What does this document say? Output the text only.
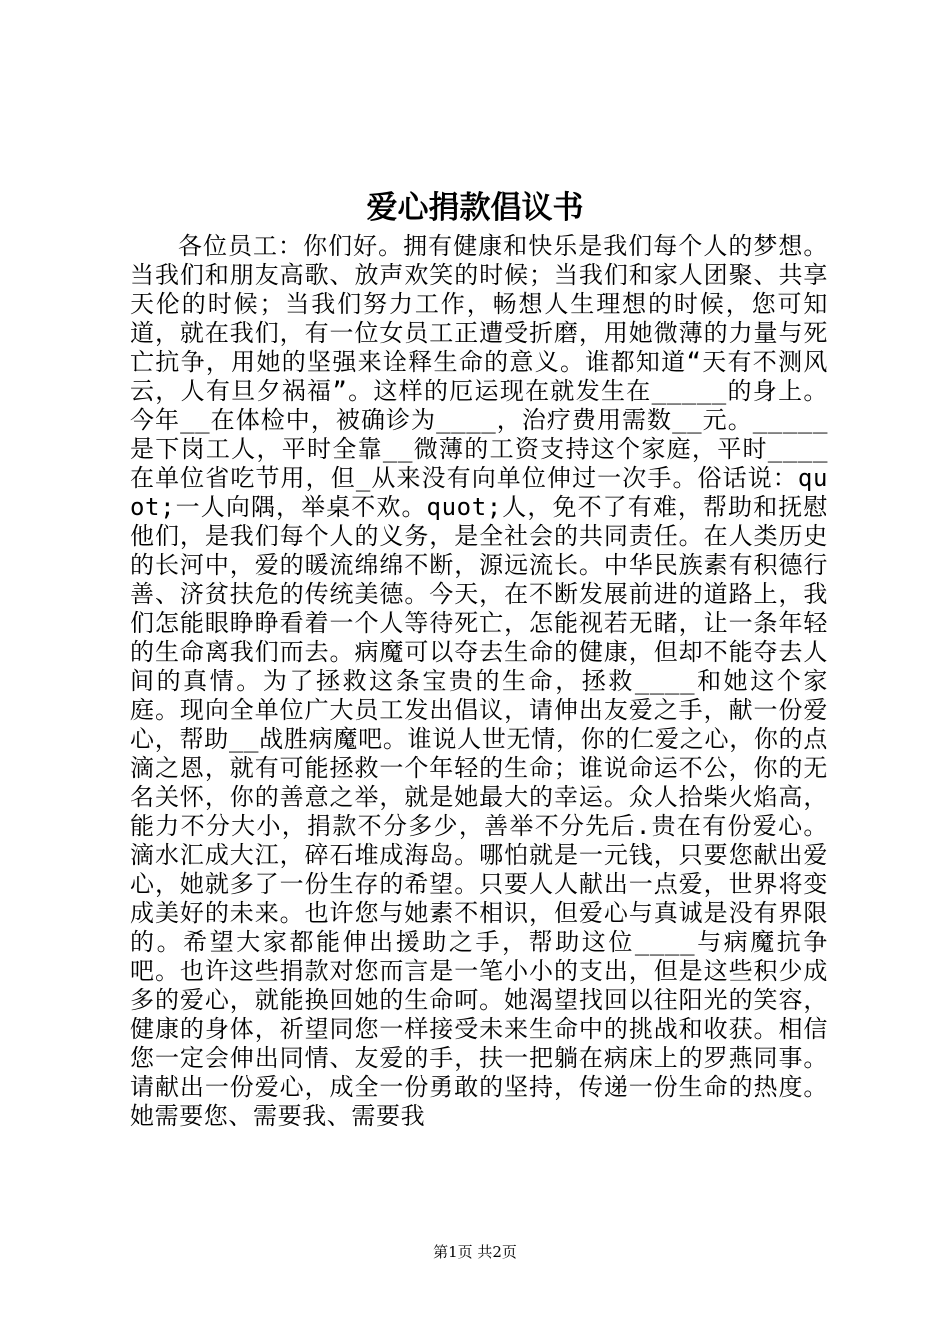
爱心捐款倡议书

各位员工：你们好。拥有健康和快乐是我们每个人的梦想。当我们和朋友高歌、放声欢笑的时候；当我们和家人团聚、共享天伦的时候；当我们努力工作，畅想人生理想的时候，您可知道，就在我们，有一位女员工正遭受折磨，用她微薄的力量与死亡抗争，用她的坚强来诠释生命的意义。谁都知道“天有不测风云，人有旦夕祸福”。这样的厄运现在就发生在_____的身上。今年__在体检中，被确诊为____，治疗费用需数__元。_____是下岗工人，平时全靠__微薄的工资支持这个家庭，平时____在单位省吃节用，但_从来没有向单位伸过一次手。俗话说：quot;一人向隅，举桌不欢。quot;人，免不了有难，帮助和抚慰他们，是我们每个人的义务，是全社会的共同责任。在人类历史的长河中，爱的暖流绵绵不断，源远流长。中华民族素有积德行善、济贫扶危的传统美德。今天，在不断发展前进的道路上，我们怎能眼睁睁看着一个人等待死亡，怎能视若无睹，让一条年轻的生命离我们而去。病魔可以夺去生命的健康，但却不能夺去人间的真情。为了拯救这条宝贵的生命，拯救____和她这个家庭。现向全单位广大员工发出倡议，请伸出友爱之手，献一份爱心，帮助__战胜病魔吧。谁说人世无情，你的仁爱之心，你的点滴之恩，就有可能拯救一个年轻的生命；谁说命运不公，你的无名关怀，你的善意之举，就是她最大的幸运。众人拾柴火焰高，能力不分大小，捐款不分多少，善举不分先后.贵在有份爱心。滴水汇成大江，碎石堆成海岛。哪怕就是一元钱，只要您献出爱心，她就多了一份生存的希望。只要人人献出一点爱，世界将变成美好的未来。也许您与她素不相识，但爱心与真诚是没有界限的。希望大家都能伸出援助之手，帮助这位____与病魔抗争吧。也许这些捐款对您而言是一笔小小的支出，但是这些积少成多的爱心，就能换回她的生命呵。她渴望找回以往阳光的笑容，健康的身体，祈望同您一样接受未来生命中的挑战和收获。相信您一定会伸出同情、友爱的手，扶一把躺在病床上的罗燕同事。请献出一份爱心，成全一份勇敢的坚持，传递一份生命的热度。她需要您、需要我、需要我

第1页 共2页
